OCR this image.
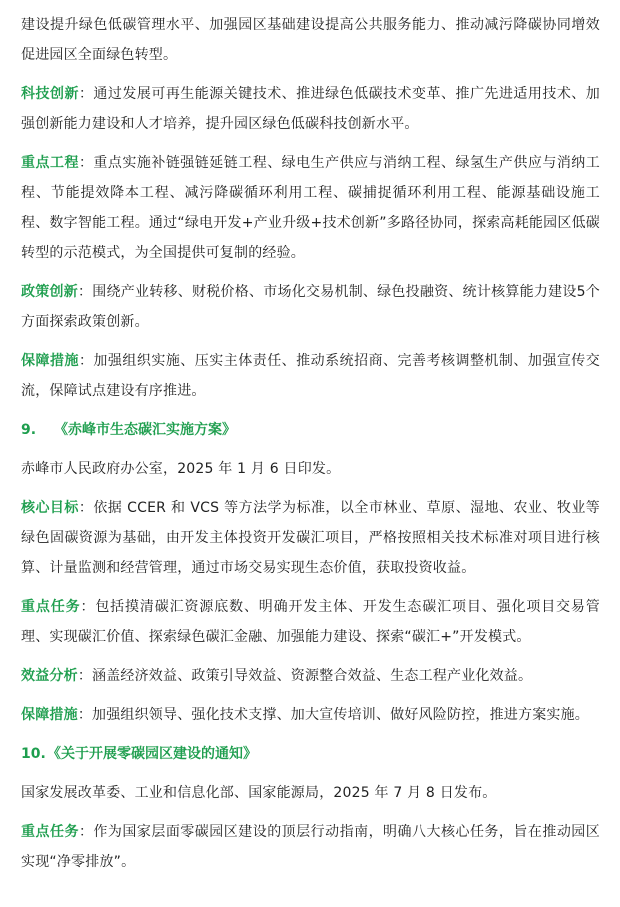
建设提升绿色低碳管理水平、加强园区基础建设提高公共服务能力、推动减污降碳协同增效促进园区全面绿色转型。

科技创新：通过发展可再生能源关键技术、推进绿色低碳技术变革、推广先进适用技术、加强创新能力建设和人才培养，提升园区绿色低碳科技创新水平。

重点工程：重点实施补链强链延链工程、绿电生产供应与消纳工程、绿氢生产供应与消纳工程、节能提效降本工程、减污降碳循环利用工程、碳捕捉循环利用工程、能源基础设施工程、数字智能工程。通过“绿电开发+产业升级+技术创新”多路径协同，探索高耗能园区低碳转型的示范模式，为全国提供可复制的经验。

政策创新：围绕产业转移、财税价格、市场化交易机制、绿色投融资、统计核算能力建设5个方面探索政策创新。

保障措施：加强组织实施、压实主体责任、推动系统招商、完善考核调整机制、加强宣传交流，保障试点建设有序推进。

9. 《赤峰市生态碳汇实施方案》

赤峰市人民政府办公室，2025 年 1 月 6 日印发。

核心目标：依据 CCER 和 VCS 等方法学为标准，以全市林业、草原、湿地、农业、牧业等绿色固碳资源为基础，由开发主体投资开发碳汇项目，严格按照相关技术标准对项目进行核算、计量监测和经营管理，通过市场交易实现生态价值，获取投资收益。

重点任务：包括摸清碳汇资源底数、明确开发主体、开发生态碳汇项目、强化项目交易管理、实现碳汇价值、探索绿色碳汇金融、加强能力建设、探索“碳汇+”开发模式。

效益分析：涵盖经济效益、政策引导效益、资源整合效益、生态工程产业化效益。

保障措施：加强组织领导、强化技术支撑、加大宣传培训、做好风险防控，推进方案实施。

10.《关于开展零碳园区建设的通知》

国家发展改革委、工业和信息化部、国家能源局，2025 年 7 月 8 日发布。

重点任务：作为国家层面零碳园区建设的顶层行动指南，明确八大核心任务，旨在推动园区实现“净零排放”。
